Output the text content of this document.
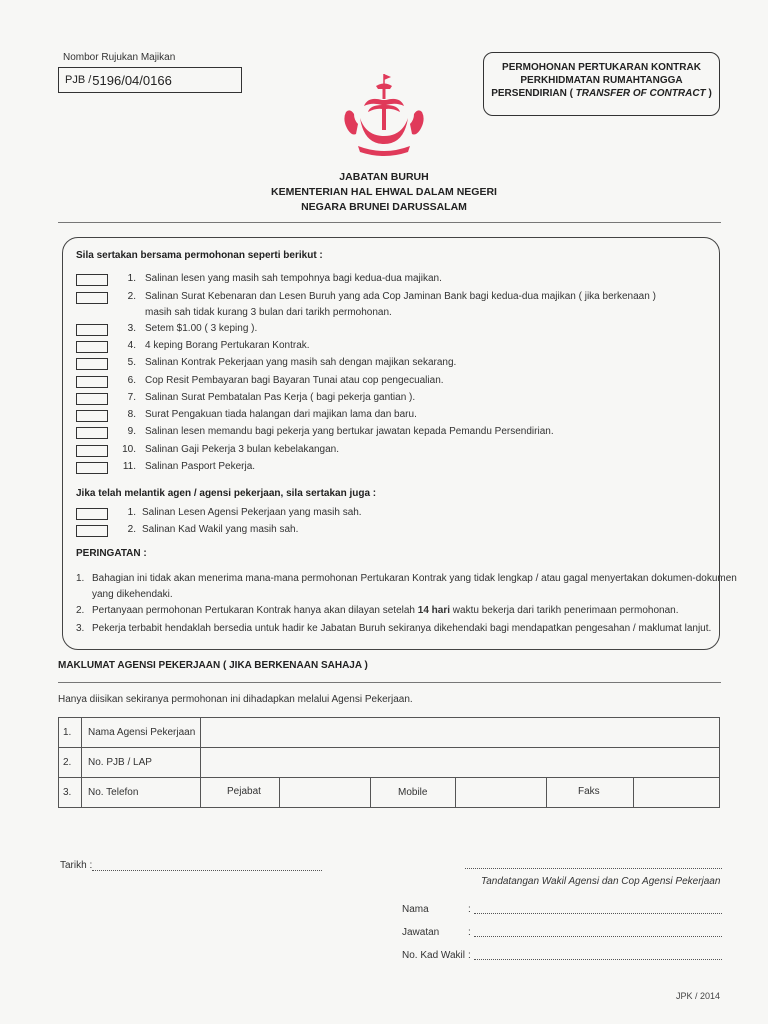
Nombor Rujukan Majikan
PJB / 5196/04/0166
PERMOHONAN PERTUKARAN KONTRAK
PERKHIDMATAN RUMAHTANGGA
PERSENDIRIAN ( TRANSFER OF CONTRACT )
JABATAN BURUH
KEMENTERIAN HAL EHWAL DALAM NEGERI
NEGARA BRUNEI DARUSSALAM
Sila sertakan bersama permohonan seperti berikut :
1. Salinan lesen yang masih sah tempohnya bagi kedua-dua majikan.
2. Salinan Surat Kebenaran dan Lesen Buruh yang ada Cop Jaminan Bank bagi kedua-dua majikan ( jika berkenaan )
masih sah tidak kurang 3 bulan dari tarikh permohonan.
3. Setem $1.00 ( 3 keping ).
4. 4 keping Borang Pertukaran Kontrak.
5. Salinan Kontrak Pekerjaan yang masih sah dengan majikan sekarang.
6. Cop Resit Pembayaran bagi Bayaran Tunai atau cop pengecualian.
7. Salinan Surat Pembatalan Pas Kerja ( bagi pekerja gantian ).
8. Surat Pengakuan tiada halangan dari majikan lama dan baru.
9. Salinan lesen memandu bagi pekerja yang bertukar jawatan kepada Pemandu Persendirian.
10. Salinan Gaji Pekerja 3 bulan kebelakangan.
11. Salinan Pasport Pekerja.
Jika telah melantik agen / agensi pekerjaan, sila sertakan juga :
1. Salinan Lesen Agensi Pekerjaan yang masih sah.
2. Salinan Kad Wakil yang masih sah.
PERINGATAN :
1. Bahagian ini tidak akan menerima mana-mana permohonan Pertukaran Kontrak yang tidak lengkap / atau gagal menyertakan dokumen-dokumen
yang dikehendaki.
2. Pertanyaan permohonan Pertukaran Kontrak hanya akan dilayan setelah 14 hari waktu bekerja dari tarikh penerimaan permohonan.
3. Pekerja terbabit hendaklah bersedia untuk hadir ke Jabatan Buruh sekiranya dikehendaki bagi mendapatkan pengesahan / maklumat lanjut.
MAKLUMAT AGENSI PEKERJAAN ( JIKA BERKENAAN SAHAJA )
Hanya diisikan sekiranya permohonan ini dihadapkan melalui Agensi Pekerjaan.
1. Nama Agensi Pekerjaan
2. No. PJB / LAP
3. No. Telefon	Pejabat	Mobile	Faks
Tarikh :
Tandatangan Wakil Agensi dan Cop Agensi Pekerjaan
Nama	:
Jawatan	:
No. Kad Wakil :
JPK / 2014
